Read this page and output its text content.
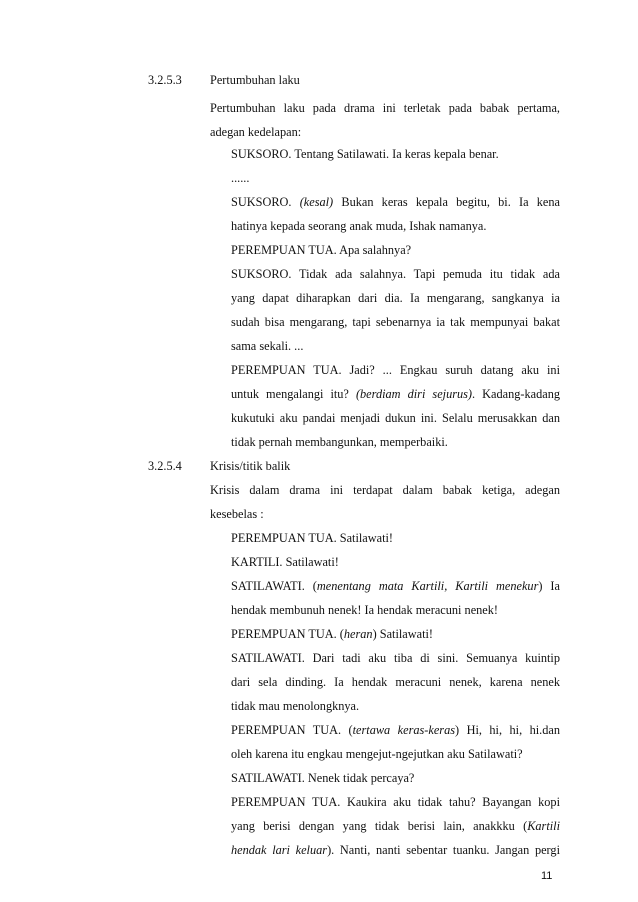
3.2.5.3 Pertumbuhan laku
Pertumbuhan laku pada drama ini terletak pada babak pertama,
adegan kedelapan:
SUKSORO. Tentang Satilawati. Ia keras kepala benar.
......
SUKSORO. (kesal) Bukan keras kepala begitu, bi. Ia kena
hatinya kepada seorang anak muda, Ishak namanya.
PEREMPUAN TUA. Apa salahnya?
SUKSORO. Tidak ada salahnya. Tapi pemuda itu tidak ada
yang dapat diharapkan dari dia. Ia mengarang, sangkanya ia
sudah bisa mengarang, tapi sebenarnya ia tak mempunyai bakat
sama sekali. ...
PEREMPUAN TUA. Jadi? ... Engkau suruh datang aku ini
untuk mengalangi itu? (berdiam diri sejurus). Kadang-kadang
kukutuki aku pandai menjadi dukun ini. Selalu merusakkan dan
tidak pernah membangunkan, memperbaiki.
3.2.5.4 Krisis/titik balik
Krisis dalam drama ini terdapat dalam babak ketiga, adegan
kesebelas :
PEREMPUAN TUA. Satilawati!
KARTILI. Satilawati!
SATILAWATI. (menentang mata Kartili, Kartili menekur) Ia
hendak membunuh nenek! Ia hendak meracuni nenek!
PEREMPUAN TUA. (heran) Satilawati!
SATILAWATI. Dari tadi aku tiba di sini. Semuanya kuintip
dari sela dinding. Ia hendak meracuni nenek, karena nenek
tidak mau menolongknya.
PEREMPUAN TUA. (tertawa keras-keras) Hi, hi, hi, hi.dan
oleh karena itu engkau mengejut-ngejutkan aku Satilawati?
SATILAWATI. Nenek tidak percaya?
PEREMPUAN TUA. Kaukira aku tidak tahu? Bayangan kopi
yang berisi dengan yang tidak berisi lain, anakkku (Kartili
hendak lari keluar). Nanti, nanti sebentar tuanku. Jangan pergi
11
